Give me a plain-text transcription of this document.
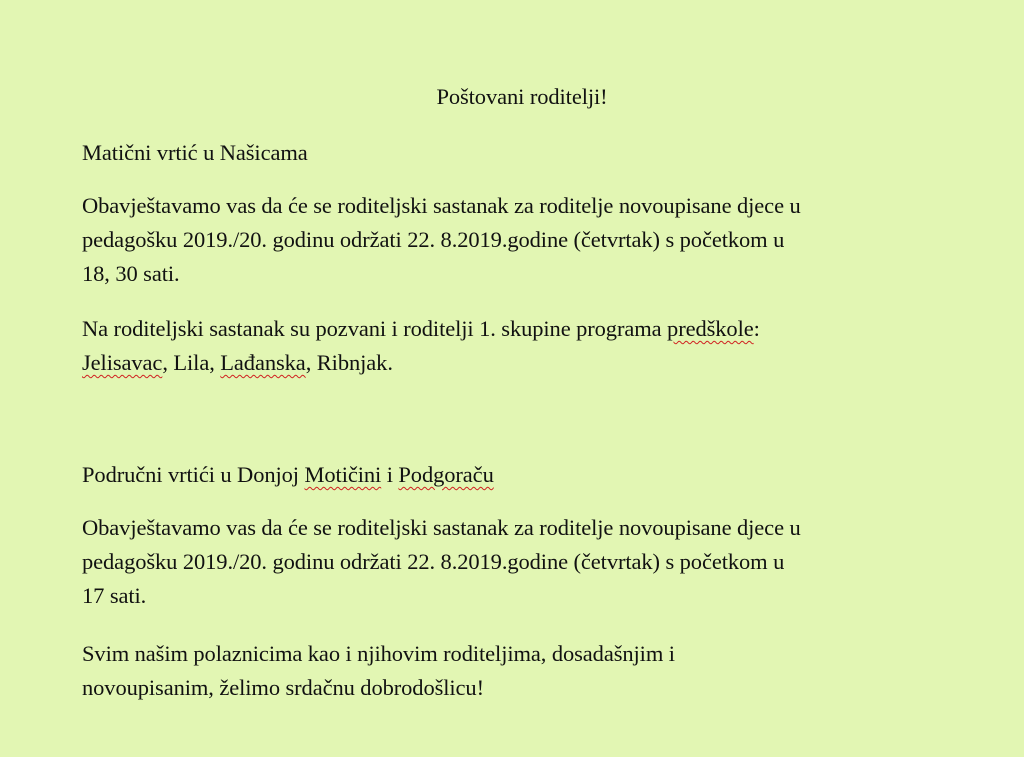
Poštovani roditelji!
Matični vrtić u Našicama
Obavještavamo vas da će se roditeljski sastanak za roditelje novoupisane djece u
pedagošku 2019./20. godinu održati 22. 8.2019.godine (četvrtak) s početkom u
18, 30 sati.
Na roditeljski sastanak su pozvani i roditelji 1. skupine programa predškole:
Jelisavac, Lila, Lađanska, Ribnjak.
Područni vrtići u Donjoj Motičini i Podgoraču
Obavještavamo vas da će se roditeljski sastanak za roditelje novoupisane djece u
pedagošku 2019./20. godinu održati 22. 8.2019.godine (četvrtak) s početkom u
17 sati.
Svim našim polaznicima kao i njihovim roditeljima, dosadašnjim i
novoupisanim, želimo srdačnu dobrodošlicu!
